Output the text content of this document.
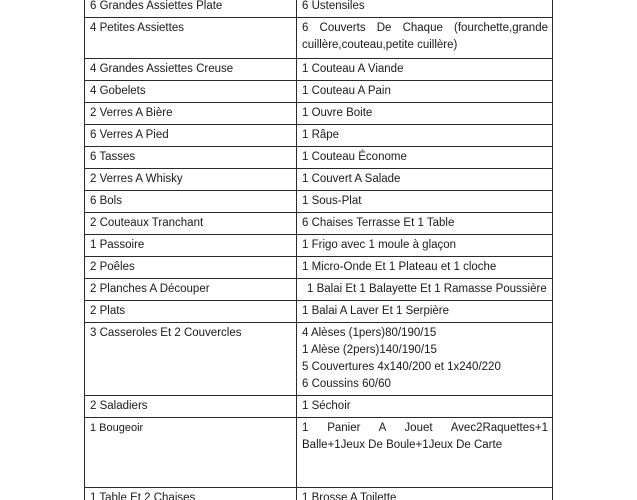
6 Grandes Assiettes Plate	6 Ustensiles

4 Petites Assiettes	6 Couverts De Chaque (fourchette,grande cuillère,couteau,petite cuillère)

4 Grandes Assiettes Creuse	1 Couteau A Viande

4 Gobelets	1 Couteau A Pain

2 Verres A Bière	1 Ouvre Boite

6 Verres A Pied	1 Râpe

6 Tasses	1 Couteau Économe

2 Verres A Whisky	1 Couvert A Salade

6 Bols	1 Sous-Plat

2 Couteaux Tranchant	6 Chaises Terrasse Et 1 Table

1 Passoire	1 Frigo avec 1 moule à glaçon

2 Poêles	1 Micro-Onde Et 1 Plateau et 1 cloche

2 Planches A Découper	1 Balai Et 1 Balayette Et 1 Ramasse Poussière

2 Plats	1 Balai A Laver Et 1 Serpière

3 Casseroles Et 2 Couvercles	4 Alèses (1pers)80/190/15
1 Alèse (2pers)140/190/15
5 Couvertures 4x140/200 et 1x240/220
6 Coussins 60/60

2 Saladiers	1 Séchoir

1 Bougeoir	1 Panier A Jouet Avec2Raquettes+1 Balle+1Jeux De Boule+1Jeux De Carte

1 Table Et 2 Chaises	1 Brosse A Toilette
